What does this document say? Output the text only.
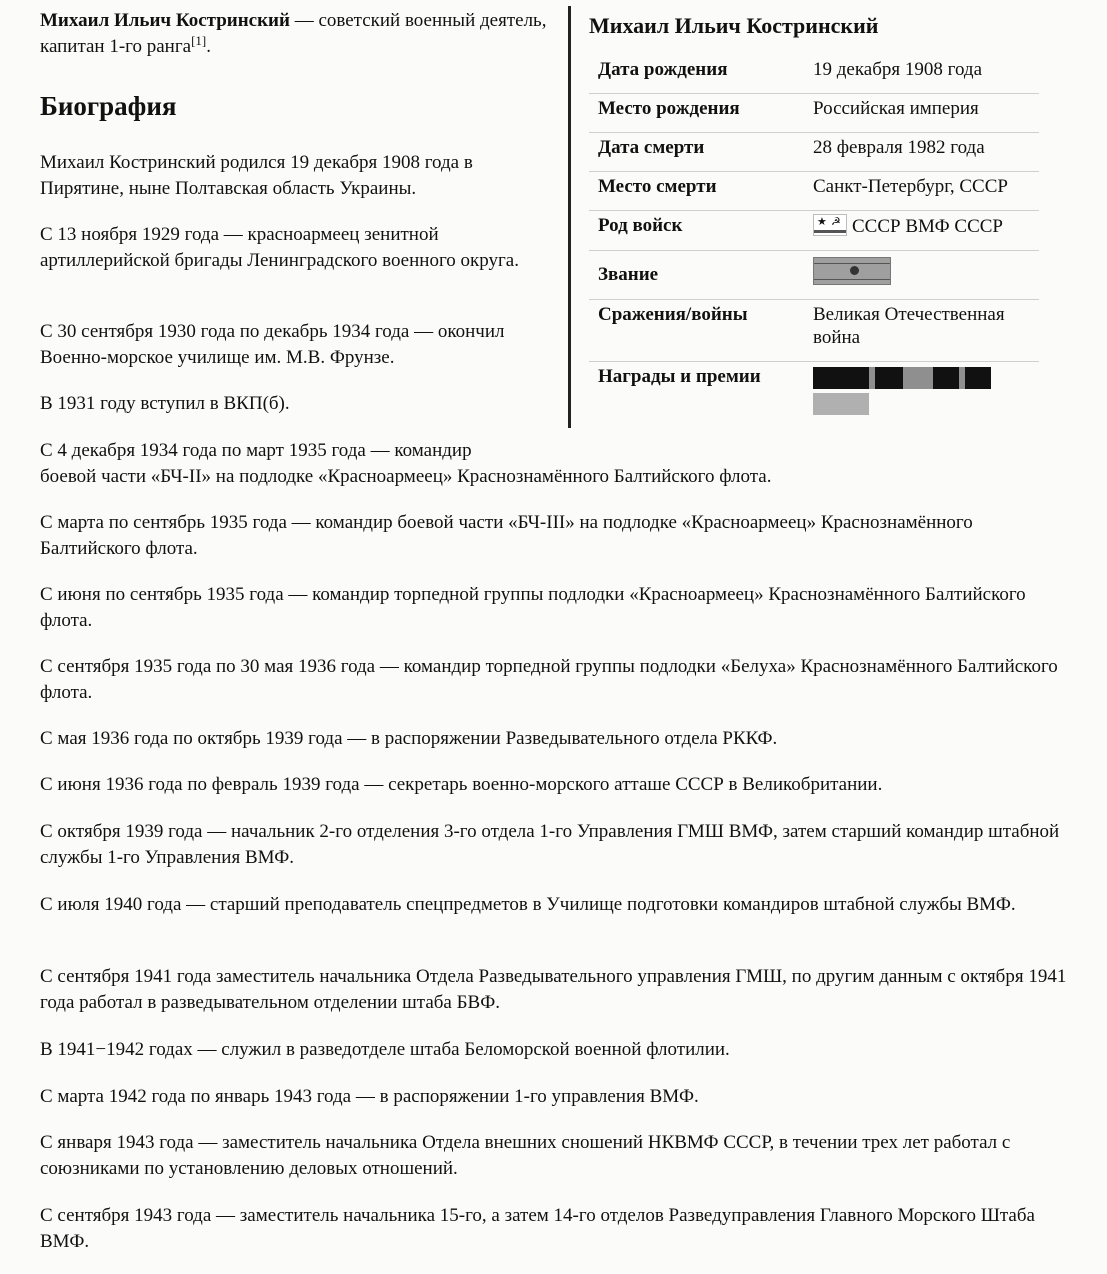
Михаил Ильич Костринский — советский военный деятель, капитан 1-го ранга[1].
Биография

Михаил Костринский родился 19 декабря 1908 года в Пирятине, ныне Полтавская область Украины.

С 13 ноября 1929 года — красноармеец зенитной артиллерийской бригады Ленинградского военного округа.

С 30 сентября 1930 года по декабрь 1934 года — окончил Военно-морское училище им. М.В. Фрунзе.

В 1931 году вступил в ВКП(б).

С 4 декабря 1934 года по март 1935 года — командир

боевой части «БЧ-II» на подлодке «Красноармеец» Краснознамённого Балтийского флота.

С марта по сентябрь 1935 года — командир боевой части «БЧ-III» на подлодке «Красноармеец» Краснознамённого Балтийского флота.

С июня по сентябрь 1935 года — командир торпедной группы подлодки «Красноармеец» Краснознамённого Балтийского флота.

С сентября 1935 года по 30 мая 1936 года — командир торпедной группы подлодки «Белуха» Краснознамённого Балтийского флота.

С мая 1936 года по октябрь 1939 года — в распоряжении Разведывательного отдела РККФ.

С июня 1936 года по февраль 1939 года — секретарь военно-морского атташе СССР в Великобритании.

С октября 1939 года — начальник 2-го отделения 3-го отдела 1-го Управления ГМШ ВМФ, затем старший командир штабной службы 1-го Управления ВМФ.

С июля 1940 года — старший преподаватель спецпредметов в Училище подготовки командиров штабной службы ВМФ.

С сентября 1941 года заместитель начальника Отдела Разведывательного управления ГМШ, по другим данным с октября 1941 года работал в разведывательном отделении штаба БВФ.

В 1941−1942 годах — служил в разведотделе штаба Беломорской военной флотилии.

С марта 1942 года по январь 1943 года — в распоряжении 1-го управления ВМФ.

С января 1943 года — заместитель начальника Отдела внешних сношений НКВМФ СССР, в течении трех лет работал с союзниками по установлению деловых отношений.

С сентября 1943 года — заместитель начальника 15-го, а затем 14-го отделов Разведуправления Главного Морского Штаба ВМФ.

Михаил Ильич Костринский
Дата рождения	19 декабря 1908 года
Место рождения	Российская империя
Дата смерти	28 февраля 1982 года
Место смерти	Санкт-Петербург, СССР
Род войск	★ ☭ СССР ВМФ СССР
Звание
Сражения/войны	Великая Отечественная война
Награды и премии
